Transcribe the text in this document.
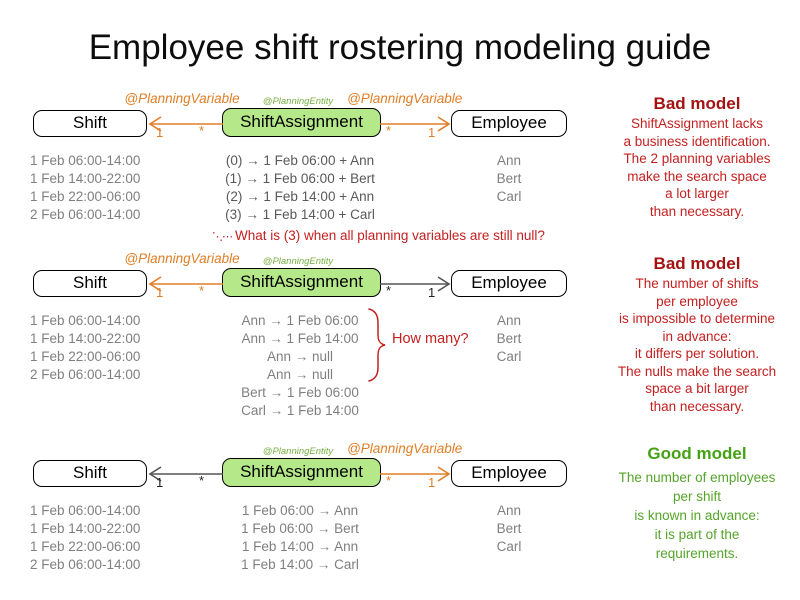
Employee shift rostering modeling guide
@PlanningVariable	@PlanningEntity	@PlanningVariable
Shift	ShiftAssignment	Employee
1	*	*	1
1 Feb 06:00-14:00
1 Feb 14:00-22:00
1 Feb 22:00-06:00
2 Feb 06:00-14:00
(0) → 1 Feb 06:00 + Ann
(1) → 1 Feb 06:00 + Bert
(2) → 1 Feb 14:00 + Ann
(3) → 1 Feb 14:00 + Carl
Ann
Bert
Carl
⋱⋯ What is (3) when all planning variables are still null?
Bad model
ShiftAssignment lacks
a business identification.
The 2 planning variables
make the search space
a lot larger
than necessary.
@PlanningVariable	@PlanningEntity
Shift	ShiftAssignment	Employee
1	*	*	1
1 Feb 06:00-14:00
1 Feb 14:00-22:00
1 Feb 22:00-06:00
2 Feb 06:00-14:00
Ann → 1 Feb 06:00
Ann → 1 Feb 14:00
Ann → null
Ann → null
Bert → 1 Feb 06:00
Carl → 1 Feb 14:00
Ann
Bert
Carl
How many?
Bad model
The number of shifts
per employee
is impossible to determine
in advance:
it differs per solution.
The nulls make the search
space a bit larger
than necessary.
@PlanningEntity	@PlanningVariable
Shift	ShiftAssignment	Employee
1	*	*	1
1 Feb 06:00-14:00
1 Feb 14:00-22:00
1 Feb 22:00-06:00
2 Feb 06:00-14:00
1 Feb 06:00 → Ann
1 Feb 06:00 → Bert
1 Feb 14:00 → Ann
1 Feb 14:00 → Carl
Ann
Bert
Carl
Good model
The number of employees
per shift
is known in advance:
it is part of the
requirements.
